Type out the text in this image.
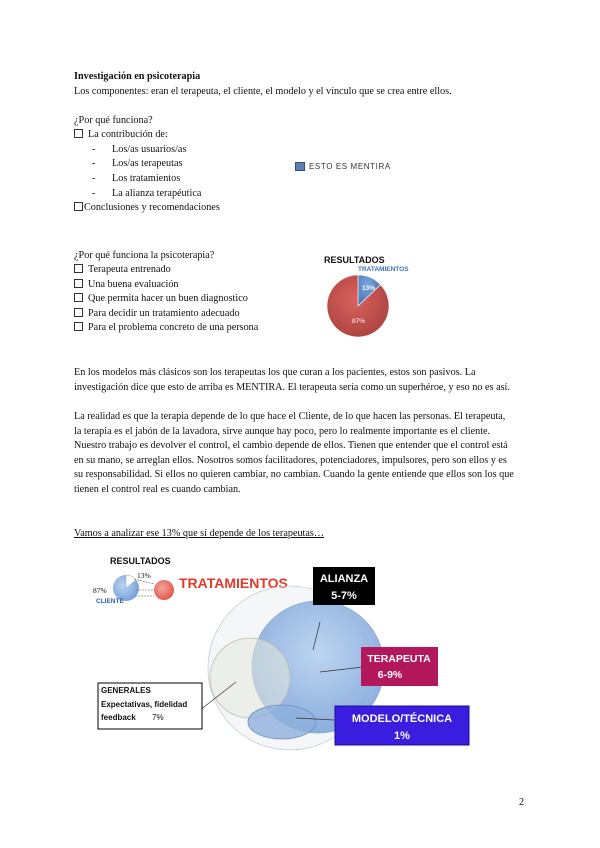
Investigación en psicoterapia
Los componentes: eran el terapeuta, el cliente, el modelo y el vínculo que se crea entre ellos.
¿Por qué funciona?
La contribución de:
- Los/as usuarios/as
- Los/as terapeutas
- Los tratamientos
- La alianza terapéutica
Conclusiones y recomendaciones
ESTO ES MENTIRA
¿Por qué funciona la psicoterapia?
Terapeuta entrenado
Una buena evaluación
Que permita hacer un buen diagnostico
Para decidir un tratamiento adecuado
Para el problema concreto de una persona
RESULTADOS
TRATAMIENTOS
13%
87%
En los modelos más clásicos son los terapeutas los que curan a los pacientes, estos son pasivos. La investigación dice que esto de arriba es MENTIRA. El terapeuta sería como un superhéroe, y eso no es así.
La realidad es que la terapia depende de lo que hace el Cliente, de lo que hacen las personas. El terapeuta, la terapia es el jabón de la lavadora, sirve aunque hay poco, pero lo realmente importante es el cliente. Nuestro trabajo es devolver el control, el cambio depende de ellos. Tienen que entender que el control está en su mano, se arreglan ellos. Nosotros somos facilitadores, potenciadores, impulsores, pero son ellos y es su responsabilidad. Si ellos no quieren cambiar, no cambian. Cuando la gente entiende que ellos son los que tienen el control real es cuando cambian.
Vamos a analizar ese 13% que sí depende de los terapeutas…
RESULTADOS
13%
87%
CLIENTE
TRATAMIENTOS	ALIANZA
5-7%
TERAPEUTA
6-9%
MODELO/TÉCNICA
1%
GENERALES
Expectativas, fidelidad
feedback 7%
2
